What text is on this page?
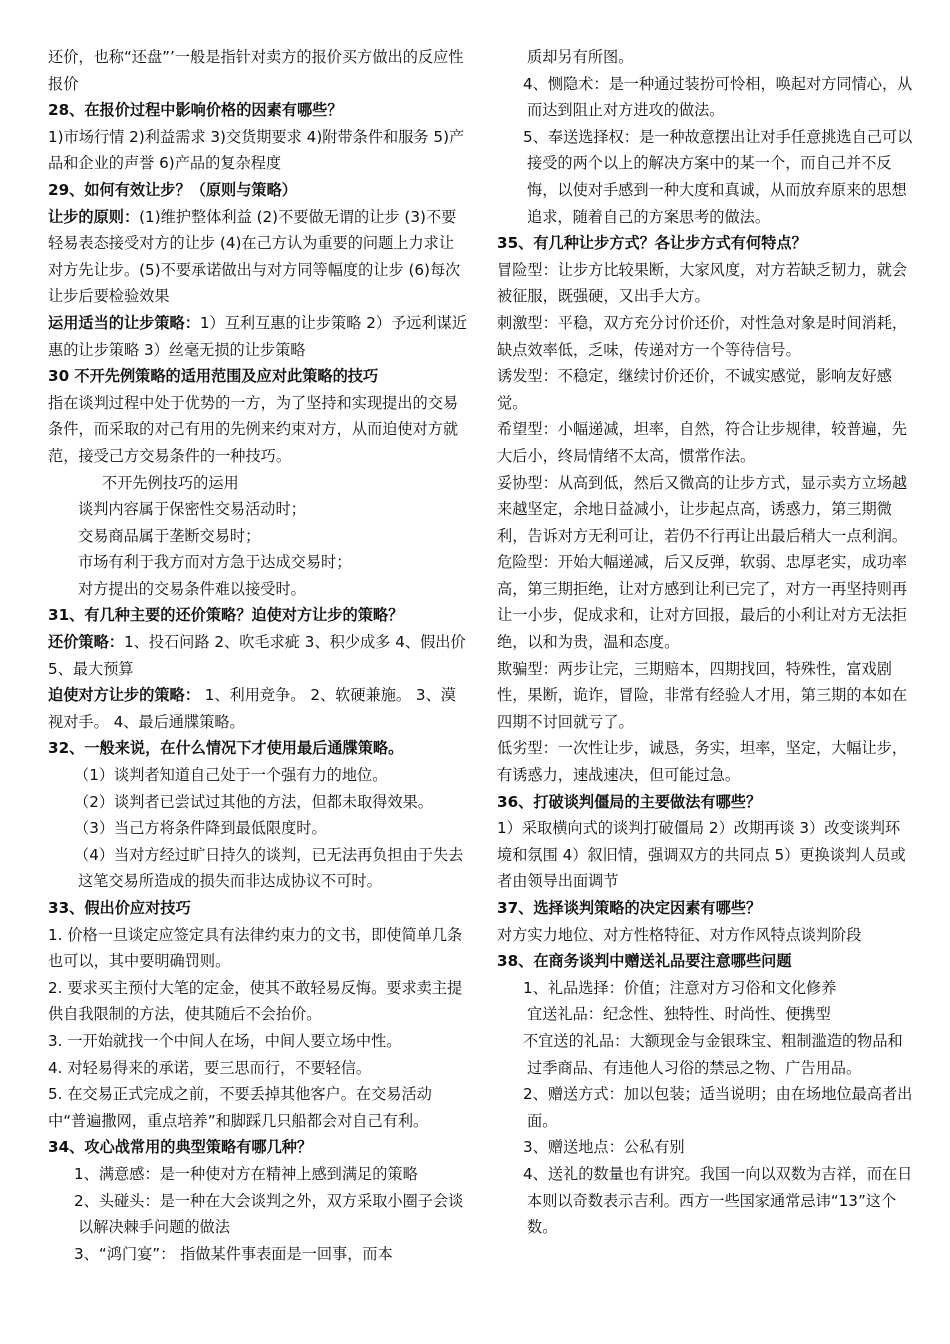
还价，也称“还盘”’一般是指针对卖方的报价买方做出的反应性报价

28、在报价过程中影响价格的因素有哪些？

1)市场行情 2)利益需求 3)交货期要求 4)附带条件和服务 5)产品和企业的声誉 6)产品的复杂程度

29、如何有效让步？（原则与策略）

让步的原则：(1)维护整体利益 (2)不要做无谓的让步 (3)不要轻易表态接受对方的让步 (4)在己方认为重要的问题上力求让对方先让步。(5)不要承诺做出与对方同等幅度的让步 (6)每次让步后要检验效果

运用适当的让步策略：1）互利互惠的让步策略 2）予远利谋近惠的让步策略 3）丝毫无损的让步策略

30 不开先例策略的适用范围及应对此策略的技巧

指在谈判过程中处于优势的一方，为了坚持和实现提出的交易条件，而采取的对己有用的先例来约束对方，从而迫使对方就范，接受己方交易条件的一种技巧。

不开先例技巧的运用

谈判内容属于保密性交易活动时；

交易商品属于垄断交易时；

市场有利于我方而对方急于达成交易时；

对方提出的交易条件难以接受时。

31、有几种主要的还价策略？迫使对方让步的策略？

还价策略：1、投石问路 2、吹毛求疵 3、积少成多 4、假出价 5、最大预算

迫使对方让步的策略： 1、利用竞争。 2、软硬兼施。 3、漠视对手。 4、最后通牒策略。

32、一般来说，在什么情况下才使用最后通牒策略。

（1）谈判者知道自己处于一个强有力的地位。

（2）谈判者已尝试过其他的方法，但都未取得效果。

（3）当己方将条件降到最低限度时。

（4）当对方经过旷日持久的谈判，已无法再负担由于失去这笔交易所造成的损失而非达成协议不可时。

33、假出价应对技巧

1. 价格一旦谈定应签定具有法律约束力的文书，即使简单几条也可以，其中要明确罚则。

2. 要求买主预付大笔的定金，使其不敢轻易反悔。要求卖主提供自我限制的方法，使其随后不会抬价。

3. 一开始就找一个中间人在场，中间人要立场中性。

4. 对轻易得来的承诺，要三思而行，不要轻信。

5. 在交易正式完成之前，不要丢掉其他客户。在交易活动中“普遍撒网，重点培养”和脚踩几只船都会对自己有利。

34、攻心战常用的典型策略有哪几种？

1、满意感：是一种使对方在精神上感到满足的策略

2、头碰头：是一种在大会谈判之外，双方采取小圈子会谈以解决棘手问题的做法

3、“鸿门宴”： 指做某件事表面是一回事，而本

质却另有所图。

4、恻隐术：是一种通过装扮可怜相，唤起对方同情心，从而达到阻止对方进攻的做法。

5、奉送选择权：是一种故意摆出让对手任意挑选自己可以接受的两个以上的解决方案中的某一个，而自己并不反悔，以使对手感到一种大度和真诚，从而放弃原来的思想追求，随着自己的方案思考的做法。

35、有几种让步方式？各让步方式有何特点？

冒险型：让步方比较果断，大家风度，对方若缺乏韧力，就会被征服，既强硬，又出手大方。

刺激型：平稳，双方充分讨价还价，对性急对象是时间消耗，缺点效率低，乏味，传递对方一个等待信号。

诱发型：不稳定，继续讨价还价，不诚实感觉，影响友好感觉。

希望型：小幅递减，坦率，自然，符合让步规律，较普遍，先大后小，终局情绪不太高，惯常作法。

妥协型：从高到低，然后又微高的让步方式，显示卖方立场越来越坚定，余地日益减小，让步起点高，诱惑力，第三期微利，告诉对方无利可让，若仍不行再让出最后稍大一点利润。

危险型：开始大幅递减，后又反弹，软弱、忠厚老实，成功率高，第三期拒绝，让对方感到让利已完了，对方一再坚持则再让一小步，促成求和，让对方回报，最后的小利让对方无法拒绝，以和为贵，温和态度。

欺骗型：两步让完，三期赔本，四期找回，特殊性，富戏剧性，果断，诡诈，冒险，非常有经验人才用，第三期的本如在四期不讨回就亏了。

低劣型：一次性让步，诚恳，务实，坦率，坚定，大幅让步，有诱惑力，速战速决，但可能过急。

36、打破谈判僵局的主要做法有哪些？

1）采取横向式的谈判打破僵局 2）改期再谈 3）改变谈判环境和氛围 4）叙旧情，强调双方的共同点 5）更换谈判人员或者由领导出面调节

37、选择谈判策略的决定因素有哪些？

对方实力地位、对方性格特征、对方作风特点谈判阶段

38、在商务谈判中赠送礼品要注意哪些问题

1、礼品选择：价值；注意对方习俗和文化修养

宜送礼品：纪念性、独特性、时尚性、便携型

不宜送的礼品：大额现金与金银珠宝、粗制滥造的物品和过季商品、有违他人习俗的禁忌之物、广告用品。

2、赠送方式：加以包装；适当说明；由在场地位最高者出面。

3、赠送地点：公私有别

4、送礼的数量也有讲究。我国一向以双数为吉祥，而在日本则以奇数表示吉利。西方一些国家通常忌讳“13”这个数。
